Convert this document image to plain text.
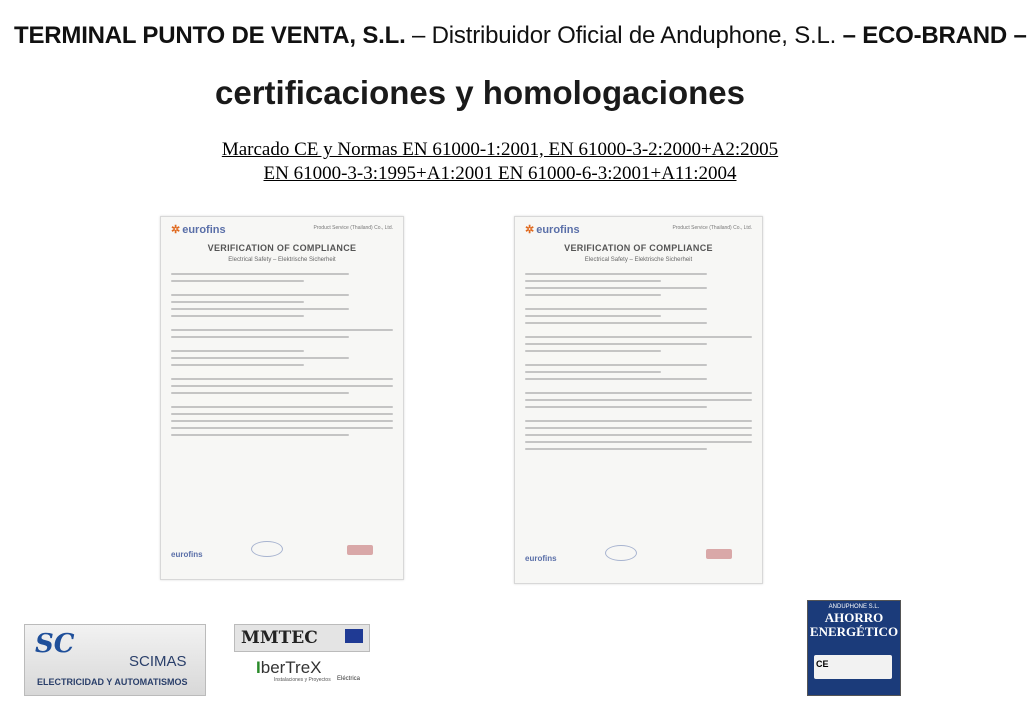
TERMINAL PUNTO DE VENTA, S.L. – Distribuidor Oficial de Anduphone, S.L. – ECO-BRAND –
certificaciones y homologaciones
Marcado CE y Normas EN 61000-1:2001, EN 61000-3-2:2000+A2:2005
EN 61000-3-3:1995+A1:2001 EN 61000-6-3:2001+A11:2004
✲ eurofins	Product Service (Thailand) Co., Ltd.
VERIFICATION OF COMPLIANCE
Electrical Safety – Elektrische Sicherheit
eurofins
✲ eurofins	Product Service (Thailand) Co., Ltd.
VERIFICATION OF COMPLIANCE
Electrical Safety – Elektrische Sicherheit
eurofins
SC
SCIMAS
ELECTRICIDAD Y AUTOMATISMOS
MMTEC
IberTreX
Instalaciones y Proyectos Eléctrica
ANDUPHONE S.L.
AHORRO
ENERGÉTICO
CE
